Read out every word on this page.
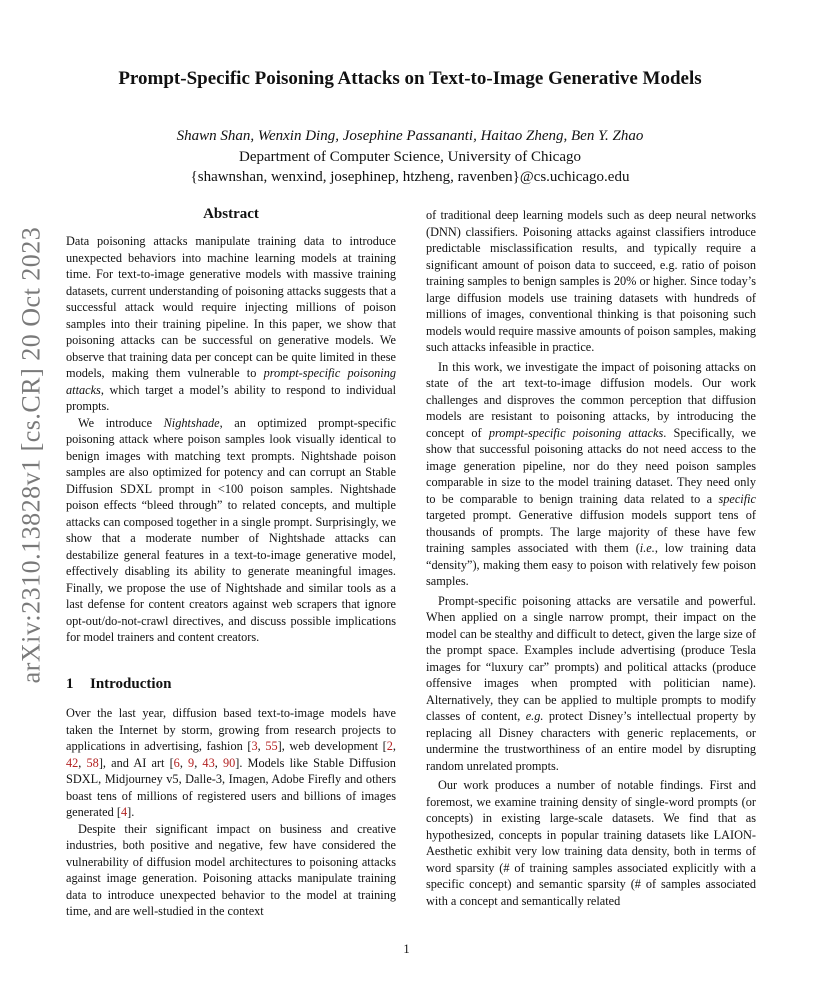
arXiv:2310.13828v1 [cs.CR] 20 Oct 2023
Prompt-Specific Poisoning Attacks on Text-to-Image Generative Models
Shawn Shan, Wenxin Ding, Josephine Passananti, Haitao Zheng, Ben Y. Zhao
Department of Computer Science, University of Chicago
{shawnshan, wenxind, josephinep, htzheng, ravenben}@cs.uchicago.edu
Abstract

Data poisoning attacks manipulate training data to introduce unexpected behaviors into machine learning models at training time. For text-to-image generative models with massive training datasets, current understanding of poisoning attacks suggests that a successful attack would require injecting millions of poison samples into their training pipeline. In this paper, we show that poisoning attacks can be successful on generative models. We observe that training data per concept can be quite limited in these models, making them vulnerable to prompt-specific poisoning attacks, which target a model’s ability to respond to individual prompts.

We introduce Nightshade, an optimized prompt-specific poisoning attack where poison samples look visually identical to benign images with matching text prompts. Nightshade poison samples are also optimized for potency and can corrupt an Stable Diffusion SDXL prompt in <100 poison samples. Nightshade poison effects “bleed through” to related concepts, and multiple attacks can composed together in a single prompt. Surprisingly, we show that a moderate number of Nightshade attacks can destabilize general features in a text-to-image generative model, effectively disabling its ability to generate meaningful images. Finally, we propose the use of Nightshade and similar tools as a last defense for content creators against web scrapers that ignore opt-out/do-not-crawl directives, and discuss possible implications for model trainers and content creators.

1 Introduction

Over the last year, diffusion based text-to-image models have taken the Internet by storm, growing from research projects to applications in advertising, fashion [3, 55], web development [2, 42, 58], and AI art [6, 9, 43, 90]. Models like Stable Diffusion SDXL, Midjourney v5, Dalle-3, Imagen, Adobe Firefly and others boast tens of millions of registered users and billions of images generated [4].

Despite their significant impact on business and creative industries, both positive and negative, few have considered the vulnerability of diffusion model architectures to poisoning attacks against image generation. Poisoning attacks manipulate training data to introduce unexpected behavior to the model at training time, and are well-studied in the context

of traditional deep learning models such as deep neural networks (DNN) classifiers. Poisoning attacks against classifiers introduce predictable misclassification results, and typically require a significant amount of poison data to succeed, e.g. ratio of poison training samples to benign samples is 20% or higher. Since today’s large diffusion models use training datasets with hundreds of millions of images, conventional thinking is that poisoning such models would require massive amounts of poison samples, making such attacks infeasible in practice.

In this work, we investigate the impact of poisoning attacks on state of the art text-to-image diffusion models. Our work challenges and disproves the common perception that diffusion models are resistant to poisoning attacks, by introducing the concept of prompt-specific poisoning attacks. Specifically, we show that successful poisoning attacks do not need access to the image generation pipeline, nor do they need poison samples comparable in size to the model training dataset. They need only to be comparable to benign training data related to a specific targeted prompt. Generative diffusion models support tens of thousands of prompts. The large majority of these have few training samples associated with them (i.e., low training data “density”), making them easy to poison with relatively few poison samples.

Prompt-specific poisoning attacks are versatile and powerful. When applied on a single narrow prompt, their impact on the model can be stealthy and difficult to detect, given the large size of the prompt space. Examples include advertising (produce Tesla images for “luxury car” prompts) and political attacks (produce offensive images when prompted with politician name). Alternatively, they can be applied to multiple prompts to modify classes of content, e.g. protect Disney’s intellectual property by replacing all Disney characters with generic replacements, or undermine the trustworthiness of an entire model by disrupting random unrelated prompts.

Our work produces a number of notable findings. First and foremost, we examine training density of single-word prompts (or concepts) in existing large-scale datasets. We find that as hypothesized, concepts in popular training datasets like LAION-Aesthetic exhibit very low training data density, both in terms of word sparsity (# of training samples associated explicitly with a specific concept) and semantic sparsity (# of samples associated with a concept and semantically related

1
